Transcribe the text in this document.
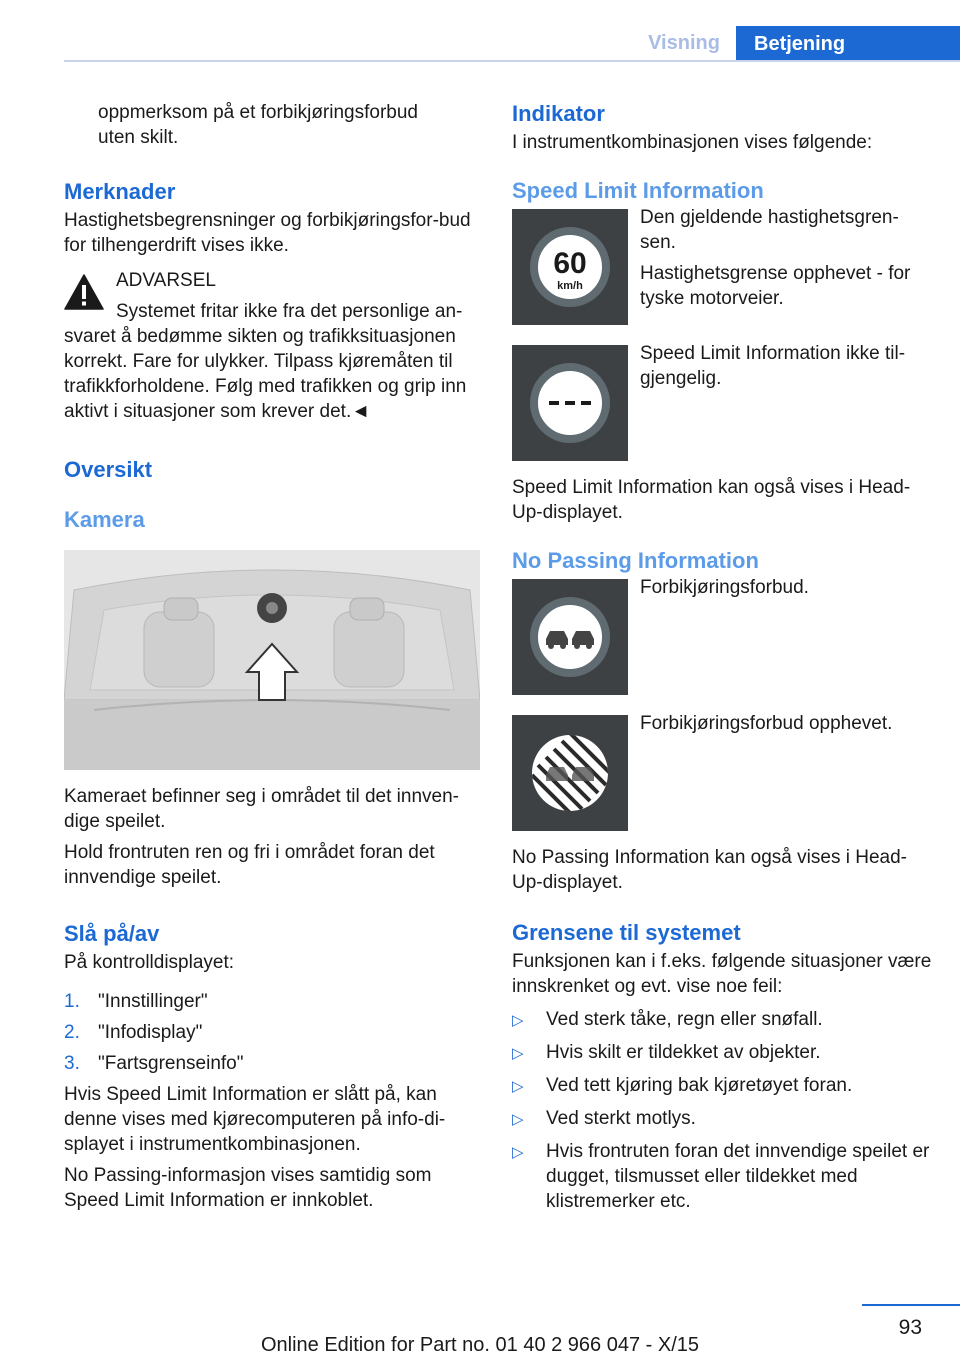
Visning	Betjening

oppmerksom på et forbikjøringsforbud uten skilt.

Merknader

Hastighetsbegrensninger og forbikjøringsfor‐bud for tilhengerdrift vises ikke.

ADVARSEL

Systemet fritar ikke fra det personlige an‐

svaret å bedømme sikten og trafikksituasjonen korrekt. Fare for ulykker. Tilpass kjøremåten til trafikkforholdene. Følg med trafikken og grip inn aktivt i situasjoner som krever det.◄

Oversikt
Kamera

Kameraet befinner seg i området til det innven‐dige speilet.

Hold frontruten ren og fri i området foran det innvendige speilet.

Slå på/av

På kontrolldisplayet:

1. "Innstillinger"
2. "Infodisplay"
3. "Fartsgrenseinfo"

Hvis Speed Limit Information er slått på, kan denne vises med kjørecomputeren på info-di‐splayet i instrumentkombinasjonen.

No Passing-informasjon vises samtidig som Speed Limit Information er innkoblet.

Indikator

I instrumentkombinasjonen vises følgende:

Speed Limit Information
60
km/h

Den gjeldende hastighetsgren‐sen.

Hastighetsgrense opphevet - for tyske motorveier.

Speed Limit Information ikke til‐gjengelig.

Speed Limit Information kan også vises i Head-Up-displayet.

No Passing Information

Forbikjøringsforbud.

Forbikjøringsforbud opphevet.

No Passing Information kan også vises i Head-Up-displayet.

Grensene til systemet

Funksjonen kan i f.eks. følgende situasjoner være innskrenket og evt. vise noe feil:

▷	Ved sterk tåke, regn eller snøfall.
▷	Hvis skilt er tildekket av objekter.
▷	Ved tett kjøring bak kjøretøyet foran.
▷	Ved sterkt motlys.
▷	Hvis frontruten foran det innvendige speilet er dugget, tilsmusset eller tildekket med klistremerker etc.
93
Online Edition for Part no. 01 40 2 966 047 - X/15
